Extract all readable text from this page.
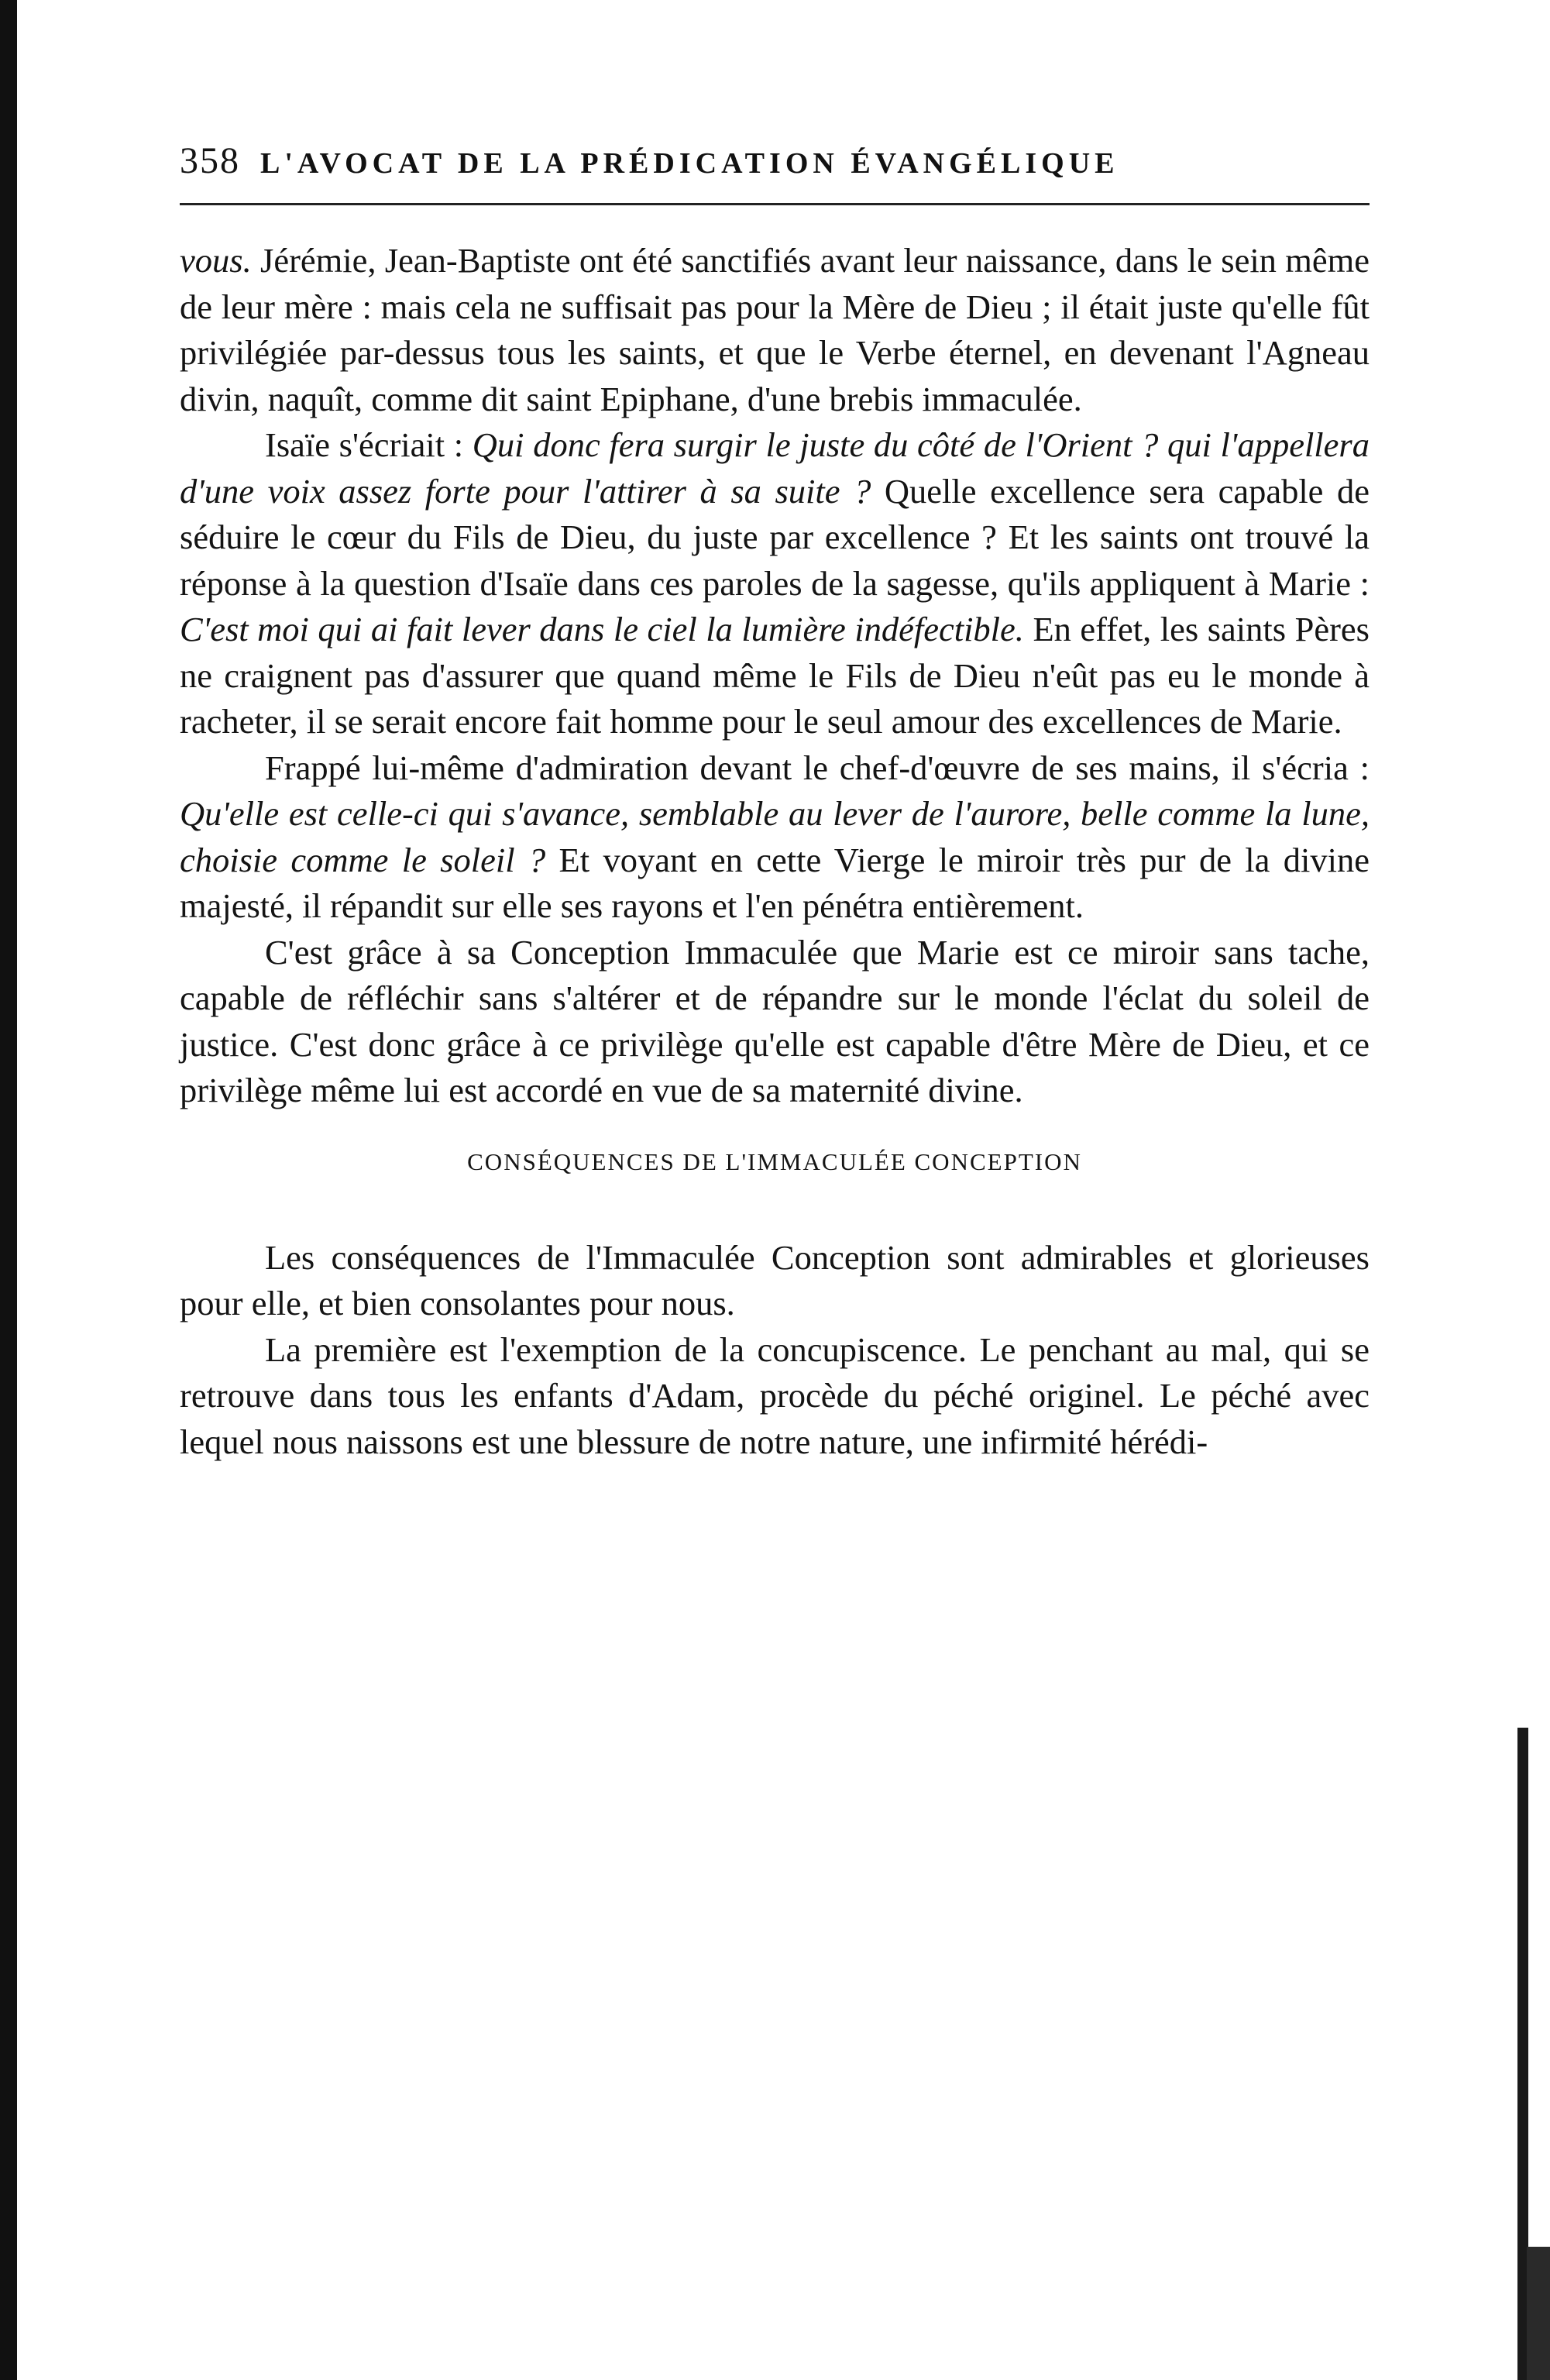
358 L'AVOCAT DE LA PRÉDICATION ÉVANGÉLIQUE

vous. Jérémie, Jean-Baptiste ont été sanctifiés avant leur naissance, dans le sein même de leur mère : mais cela ne suffisait pas pour la Mère de Dieu ; il était juste qu'elle fût privilégiée par-dessus tous les saints, et que le Verbe éternel, en devenant l'Agneau divin, naquît, comme dit saint Epiphane, d'une brebis immaculée.

Isaïe s'écriait : Qui donc fera surgir le juste du côté de l'Orient ? qui l'appellera d'une voix assez forte pour l'attirer à sa suite ? Quelle excellence sera capable de séduire le cœur du Fils de Dieu, du juste par excellence ? Et les saints ont trouvé la réponse à la question d'Isaïe dans ces paroles de la sagesse, qu'ils appliquent à Marie : C'est moi qui ai fait lever dans le ciel la lumière indéfectible. En effet, les saints Pères ne craignent pas d'assurer que quand même le Fils de Dieu n'eût pas eu le monde à racheter, il se serait encore fait homme pour le seul amour des excellences de Marie.

Frappé lui-même d'admiration devant le chef-d'œuvre de ses mains, il s'écria : Qu'elle est celle-ci qui s'avance, semblable au lever de l'aurore, belle comme la lune, choisie comme le soleil ? Et voyant en cette Vierge le miroir très pur de la divine majesté, il répandit sur elle ses rayons et l'en pénétra entièrement.

C'est grâce à sa Conception Immaculée que Marie est ce miroir sans tache, capable de réfléchir sans s'altérer et de répandre sur le monde l'éclat du soleil de justice. C'est donc grâce à ce privilège qu'elle est capable d'être Mère de Dieu, et ce privilège même lui est accordé en vue de sa maternité divine.

CONSÉQUENCES DE L'IMMACULÉE CONCEPTION

Les conséquences de l'Immaculée Conception sont admirables et glorieuses pour elle, et bien consolantes pour nous.

La première est l'exemption de la concupiscence. Le penchant au mal, qui se retrouve dans tous les enfants d'Adam, procède du péché originel. Le péché avec lequel nous naissons est une blessure de notre nature, une infirmité hérédi-
